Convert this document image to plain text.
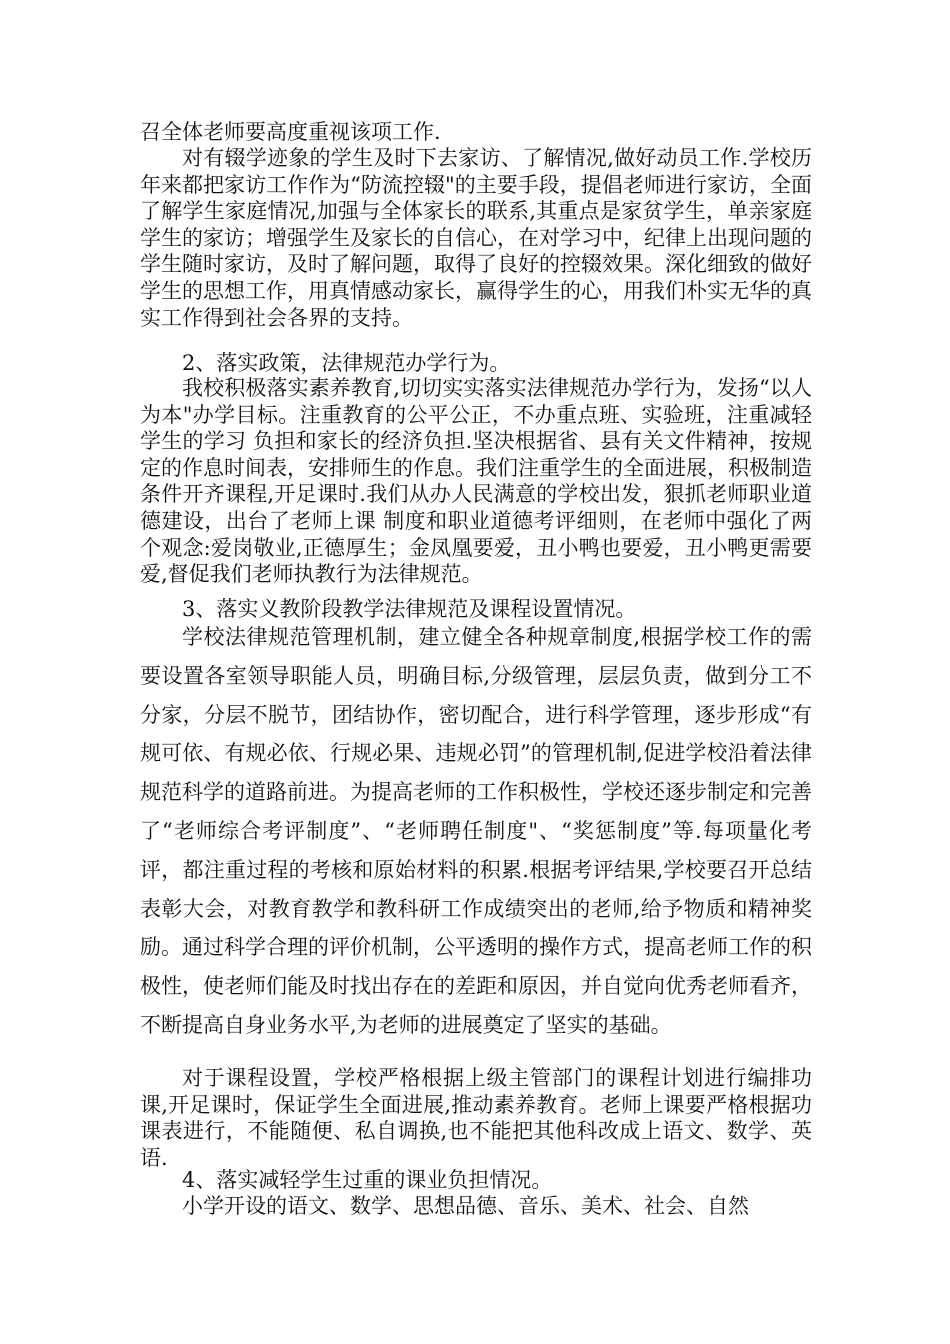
召全体老师要高度重视该项工作.

对有辍学迹象的学生及时下去家访、了解情况,做好动员工作.学校历年来都把家访工作作为“防流控辍"的主要手段，提倡老师进行家访，全面了解学生家庭情况,加强与全体家长的联系,其重点是家贫学生，单亲家庭学生的家访；增强学生及家长的自信心，在对学习中，纪律上出现问题的学生随时家访，及时了解问题，取得了良好的控辍效果。深化细致的做好学生的思想工作，用真情感动家长，赢得学生的心，用我们朴实无华的真实工作得到社会各界的支持。

2、落实政策，法律规范办学行为。

我校积极落实素养教育,切切实实落实法律规范办学行为，发扬“以人为本"办学目标。注重教育的公平公正，不办重点班、实验班，注重减轻学生的学习 负担和家长的经济负担.坚决根据省、县有关文件精神，按规定的作息时间表，安排师生的作息。我们注重学生的全面进展，积极制造条件开齐课程,开足课时.我们从办人民满意的学校出发，狠抓老师职业道德建设，出台了老师上课 制度和职业道德考评细则，在老师中强化了两个观念:爱岗敬业,正德厚生；金凤凰要爱，丑小鸭也要爱，丑小鸭更需要爱,督促我们老师执教行为法律规范。

3、落实义教阶段教学法律规范及课程设置情况。

学校法律规范管理机制，建立健全各种规章制度,根据学校工作的需要设置各室领导职能人员，明确目标,分级管理，层层负责，做到分工不分家，分层不脱节，团结协作，密切配合，进行科学管理，逐步形成“有规可依、有规必依、行规必果、违规必罚”的管理机制,促进学校沿着法律规范科学的道路前进。为提高老师的工作积极性，学校还逐步制定和完善了“老师综合考评制度”、“老师聘任制度"、“奖惩制度”等.每项量化考评，都注重过程的考核和原始材料的积累.根据考评结果,学校要召开总结表彰大会，对教育教学和教科研工作成绩突出的老师,给予物质和精神奖励。通过科学合理的评价机制，公平透明的操作方式，提高老师工作的积极性，使老师们能及时找出存在的差距和原因，并自觉向优秀老师看齐，不断提高自身业务水平,为老师的进展奠定了坚实的基础。

对于课程设置，学校严格根据上级主管部门的课程计划进行编排功课,开足课时，保证学生全面进展,推动素养教育。老师上课要严格根据功课表进行，不能随便、私自调换,也不能把其他科改成上语文、数学、英语.

4、落实减轻学生过重的课业负担情况。

小学开设的语文、数学、思想品德、音乐、美术、社会、自然
